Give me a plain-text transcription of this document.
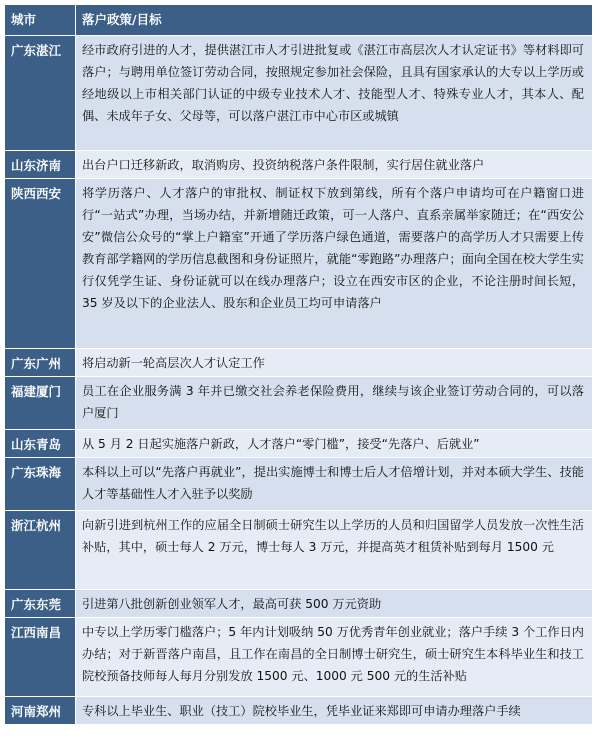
城市	落户政策/目标
广东湛江	经市政府引进的人才，提供湛江市人才引进批复或《湛江市高层次人才认定证书》等材料即可落户；与聘用单位签订劳动合同，按照规定参加社会保险，且具有国家承认的大专以上学历或经地级以上市相关部门认证的中级专业技术人才、技能型人才、特殊专业人才，其本人、配偶、未成年子女、父母等，可以落户湛江市中心市区或城镇
山东济南	出台户口迁移新政，取消购房、投资纳税落户条件限制，实行居住就业落户
陕西西安	将学历落户、人才落户的审批权、制证权下放到第线，所有个落户申请均可在户籍窗口进行“一站式”办理，当场办结，并新增随迁政策，可一人落户、直系亲属举家随迁；在“西安公安”微信公众号的“掌上户籍室”开通了学历落户绿色通道，需要落户的高学历人才只需要上传教育部学籍网的学历信息截图和身份证照片，就能“零跑路”办理落户；面向全国在校大学生实行仅凭学生证、身份证就可以在线办理落户；设立在西安市区的企业，不论注册时间长短，35 岁及以下的企业法人、股东和企业员工均可申请落户
广东广州	将启动新一轮高层次人才认定工作
福建厦门	员工在企业服务满 3 年并已缴交社会养老保险费用，继续与该企业签订劳动合同的，可以落户厦门
山东青岛	从 5 月 2 日起实施落户新政，人才落户“零门槛”，接受“先落户、后就业”
广东珠海	本科以上可以“先落户再就业”，提出实施博士和博士后人才倍增计划，并对本硕大学生、技能人才等基础性人才入驻予以奖励
浙江杭州	向新引进到杭州工作的应届全日制硕士研究生以上学历的人员和归国留学人员发放一次性生活补贴，其中，硕士每人 2 万元，博士每人 3 万元，并提高英才租赁补贴到每月 1500 元
广东东莞	引进第八批创新创业领军人才，最高可获 500 万元资助
江西南昌	中专以上学历零门槛落户；5 年内计划吸纳 50 万优秀青年创业就业；落户手续 3 个工作日内办结；对于新晋落户南昌，且工作在南昌的全日制博士研究生，硕士研究生本科毕业生和技工院校预备技师每人每月分别发放 1500 元、1000 元 500 元的生活补贴
河南郑州	专科以上毕业生、职业（技工）院校毕业生，凭毕业证来郑即可申请办理落户手续
